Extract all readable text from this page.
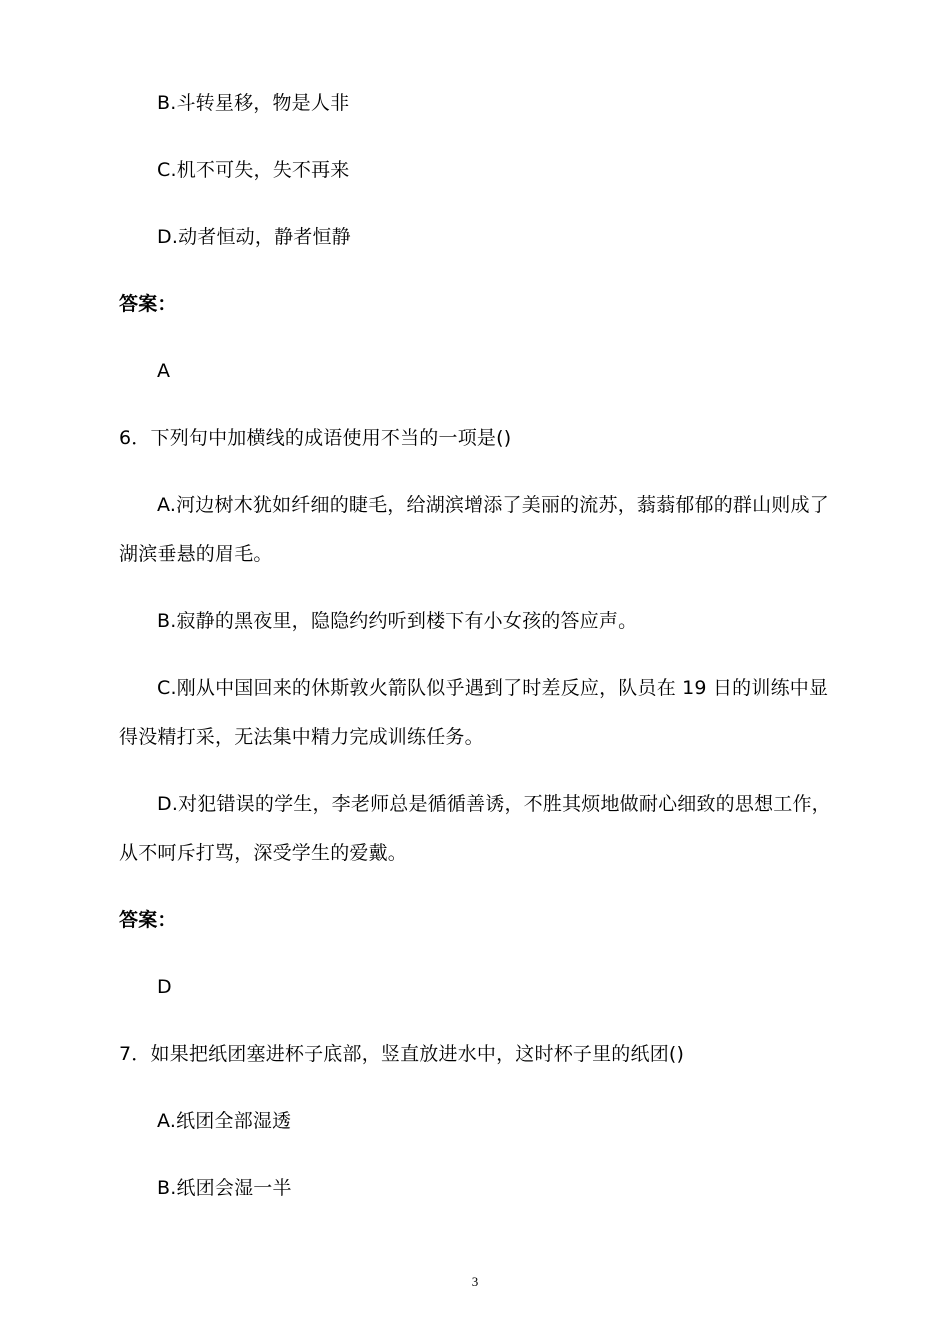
B.斗转星移，物是人非
C.机不可失，失不再来
D.动者恒动，静者恒静
答案：
A
6．下列句中加横线的成语使用不当的一项是()
A.河边树木犹如纤细的睫毛，给湖滨增添了美丽的流苏，蓊蓊郁郁的群山则成了
湖滨垂悬的眉毛。
B.寂静的黑夜里，隐隐约约听到楼下有小女孩的答应声。
C.刚从中国回来的休斯敦火箭队似乎遇到了时差反应，队员在 19 日的训练中显
得没精打采，无法集中精力完成训练任务。
D.对犯错误的学生，李老师总是循循善诱，不胜其烦地做耐心细致的思想工作，
从不呵斥打骂，深受学生的爱戴。
答案：
D
7．如果把纸团塞进杯子底部，竖直放进水中，这时杯子里的纸团()
A.纸团全部湿透
B.纸团会湿一半
3
